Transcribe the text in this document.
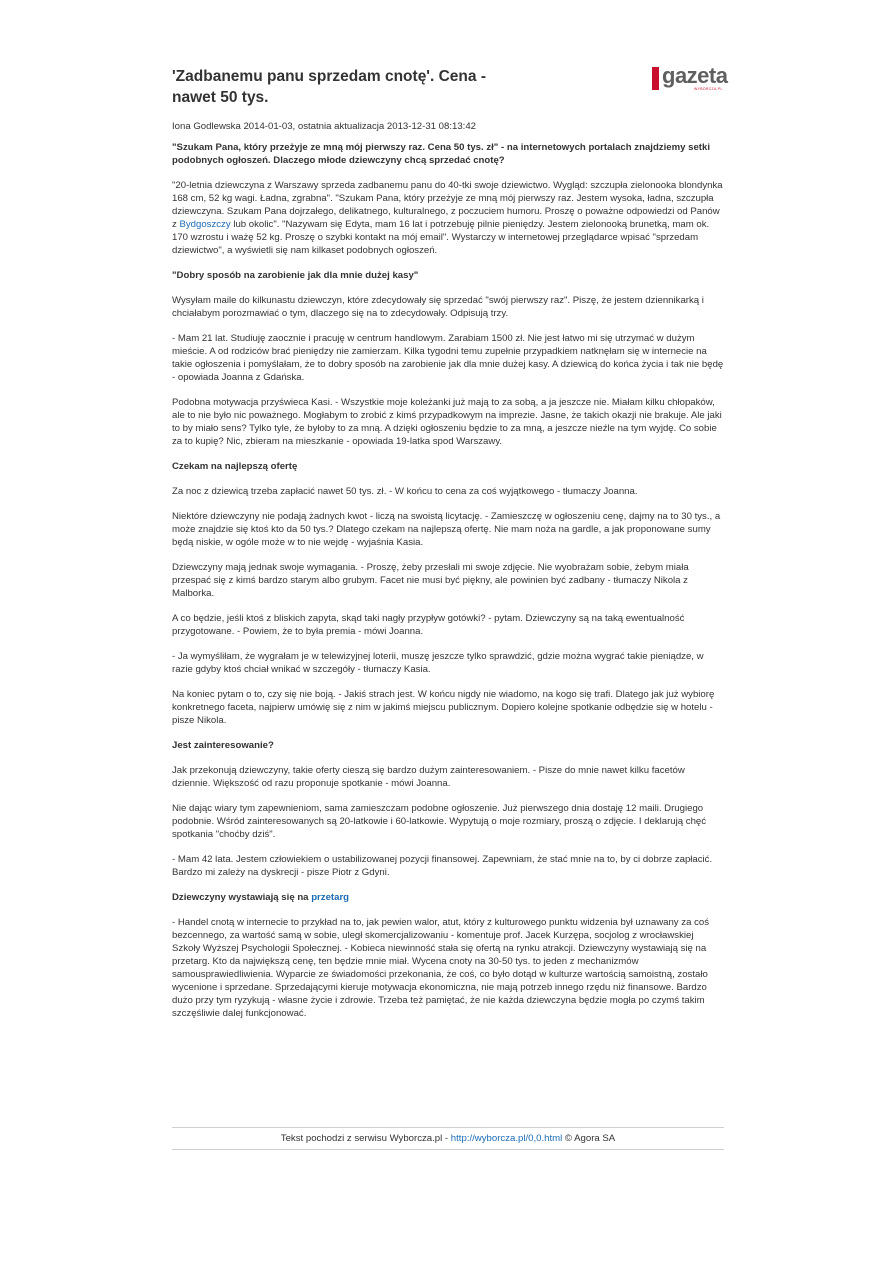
'Zadbanemu panu sprzedam cnotę'. Cena - nawet 50 tys.
gazeta
WYBORCZA.PL
Iona Godlewska 2014-01-03, ostatnia aktualizacja 2013-12-31 08:13:42
"Szukam Pana, który przeżyje ze mną mój pierwszy raz. Cena 50 tys. zł" - na internetowych portalach znajdziemy setki podobnych ogłoszeń. Dlaczego młode dziewczyny chcą sprzedać cnotę?
"20-letnia dziewczyna z Warszawy sprzeda zadbanemu panu do 40-tki swoje dziewictwo. Wygląd: szczupła zielonooka blondynka 168 cm, 52 kg wagi. Ładna, zgrabna". "Szukam Pana, który przeżyje ze mną mój pierwszy raz. Jestem wysoka, ładna, szczupła dziewczyna. Szukam Pana dojrzałego, delikatnego, kulturalnego, z poczuciem humoru. Proszę o poważne odpowiedzi od Panów z Bydgoszczy lub okolic". "Nazywam się Edyta, mam 16 lat i potrzebuję pilnie pieniędzy. Jestem zielonooką brunetką, mam ok. 170 wzrostu i ważę 52 kg. Proszę o szybki kontakt na mój email". Wystarczy w internetowej przeglądarce wpisać "sprzedam dziewictwo", a wyświetli się nam kilkaset podobnych ogłoszeń.
"Dobry sposób na zarobienie jak dla mnie dużej kasy"
Wysyłam maile do kilkunastu dziewczyn, które zdecydowały się sprzedać "swój pierwszy raz". Piszę, że jestem dziennikarką i chciałabym porozmawiać o tym, dlaczego się na to zdecydowały. Odpisują trzy.
- Mam 21 lat. Studiuję zaocznie i pracuję w centrum handlowym. Zarabiam 1500 zł. Nie jest łatwo mi się utrzymać w dużym mieście. A od rodziców brać pieniędzy nie zamierzam. Kilka tygodni temu zupełnie przypadkiem natknęłam się w internecie na takie ogłoszenia i pomyślałam, że to dobry sposób na zarobienie jak dla mnie dużej kasy. A dziewicą do końca życia i tak nie będę - opowiada Joanna z Gdańska.
Podobna motywacja przyświeca Kasi. - Wszystkie moje koleżanki już mają to za sobą, a ja jeszcze nie. Miałam kilku chłopaków, ale to nie było nic poważnego. Mogłabym to zrobić z kimś przypadkowym na imprezie. Jasne, że takich okazji nie brakuje. Ale jaki to by miało sens? Tylko tyle, że byłoby to za mną. A dzięki ogłoszeniu będzie to za mną, a jeszcze nieźle na tym wyjdę. Co sobie za to kupię? Nic, zbieram na mieszkanie - opowiada 19-latka spod Warszawy.
Czekam na najlepszą ofertę
Za noc z dziewicą trzeba zapłacić nawet 50 tys. zł. - W końcu to cena za coś wyjątkowego - tłumaczy Joanna.
Niektóre dziewczyny nie podają żadnych kwot - liczą na swoistą licytację. - Zamieszczę w ogłoszeniu cenę, dajmy na to 30 tys., a może znajdzie się ktoś kto da 50 tys.? Dlatego czekam na najlepszą ofertę. Nie mam noża na gardle, a jak proponowane sumy będą niskie, w ogóle może w to nie wejdę - wyjaśnia Kasia.
Dziewczyny mają jednak swoje wymagania. - Proszę, żeby przesłali mi swoje zdjęcie. Nie wyobrażam sobie, żebym miała przespać się z kimś bardzo starym albo grubym. Facet nie musi być piękny, ale powinien być zadbany - tłumaczy Nikola z Malborka.
A co będzie, jeśli ktoś z bliskich zapyta, skąd taki nagły przypływ gotówki? - pytam. Dziewczyny są na taką ewentualność przygotowane. - Powiem, że to była premia - mówi Joanna.
- Ja wymyśliłam, że wygrałam je w telewizyjnej loterii, muszę jeszcze tylko sprawdzić, gdzie można wygrać takie pieniądze, w razie gdyby ktoś chciał wnikać w szczegóły - tłumaczy Kasia.
Na koniec pytam o to, czy się nie boją. - Jakiś strach jest. W końcu nigdy nie wiadomo, na kogo się trafi. Dlatego jak już wybiorę konkretnego faceta, najpierw umówię się z nim w jakimś miejscu publicznym. Dopiero kolejne spotkanie odbędzie się w hotelu - pisze Nikola.
Jest zainteresowanie?
Jak przekonują dziewczyny, takie oferty cieszą się bardzo dużym zainteresowaniem. - Pisze do mnie nawet kilku facetów dziennie. Większość od razu proponuje spotkanie - mówi Joanna.
Nie dając wiary tym zapewnieniom, sama zamieszczam podobne ogłoszenie. Już pierwszego dnia dostaję 12 maili. Drugiego podobnie. Wśród zainteresowanych są 20-latkowie i 60-latkowie. Wypytują o moje rozmiary, proszą o zdjęcie. I deklarują chęć spotkania "choćby dziś".
- Mam 42 lata. Jestem człowiekiem o ustabilizowanej pozycji finansowej. Zapewniam, że stać mnie na to, by ci dobrze zapłacić. Bardzo mi zależy na dyskrecji - pisze Piotr z Gdyni.
Dziewczyny wystawiają się na przetarg
- Handel cnotą w internecie to przykład na to, jak pewien walor, atut, który z kulturowego punktu widzenia był uznawany za coś bezcennego, za wartość samą w sobie, uległ skomercjalizowaniu - komentuje prof. Jacek Kurzępa, socjolog z wrocławskiej Szkoły Wyższej Psychologii Społecznej. - Kobieca niewinność stała się ofertą na rynku atrakcji. Dziewczyny wystawiają się na przetarg. Kto da największą cenę, ten będzie mnie miał. Wycena cnoty na 30-50 tys. to jeden z mechanizmów samousprawiedliwienia. Wyparcie ze świadomości przekonania, że coś, co było dotąd w kulturze wartością samoistną, zostało wycenione i sprzedane. Sprzedającymi kieruje motywacja ekonomiczna, nie mają potrzeb innego rzędu niż finansowe. Bardzo dużo przy tym ryzykują - własne życie i zdrowie. Trzeba też pamiętać, że nie każda dziewczyna będzie mogła po czymś takim szczęśliwie dalej funkcjonować.
Tekst pochodzi z serwisu Wyborcza.pl - http://wyborcza.pl/0,0.html © Agora SA
